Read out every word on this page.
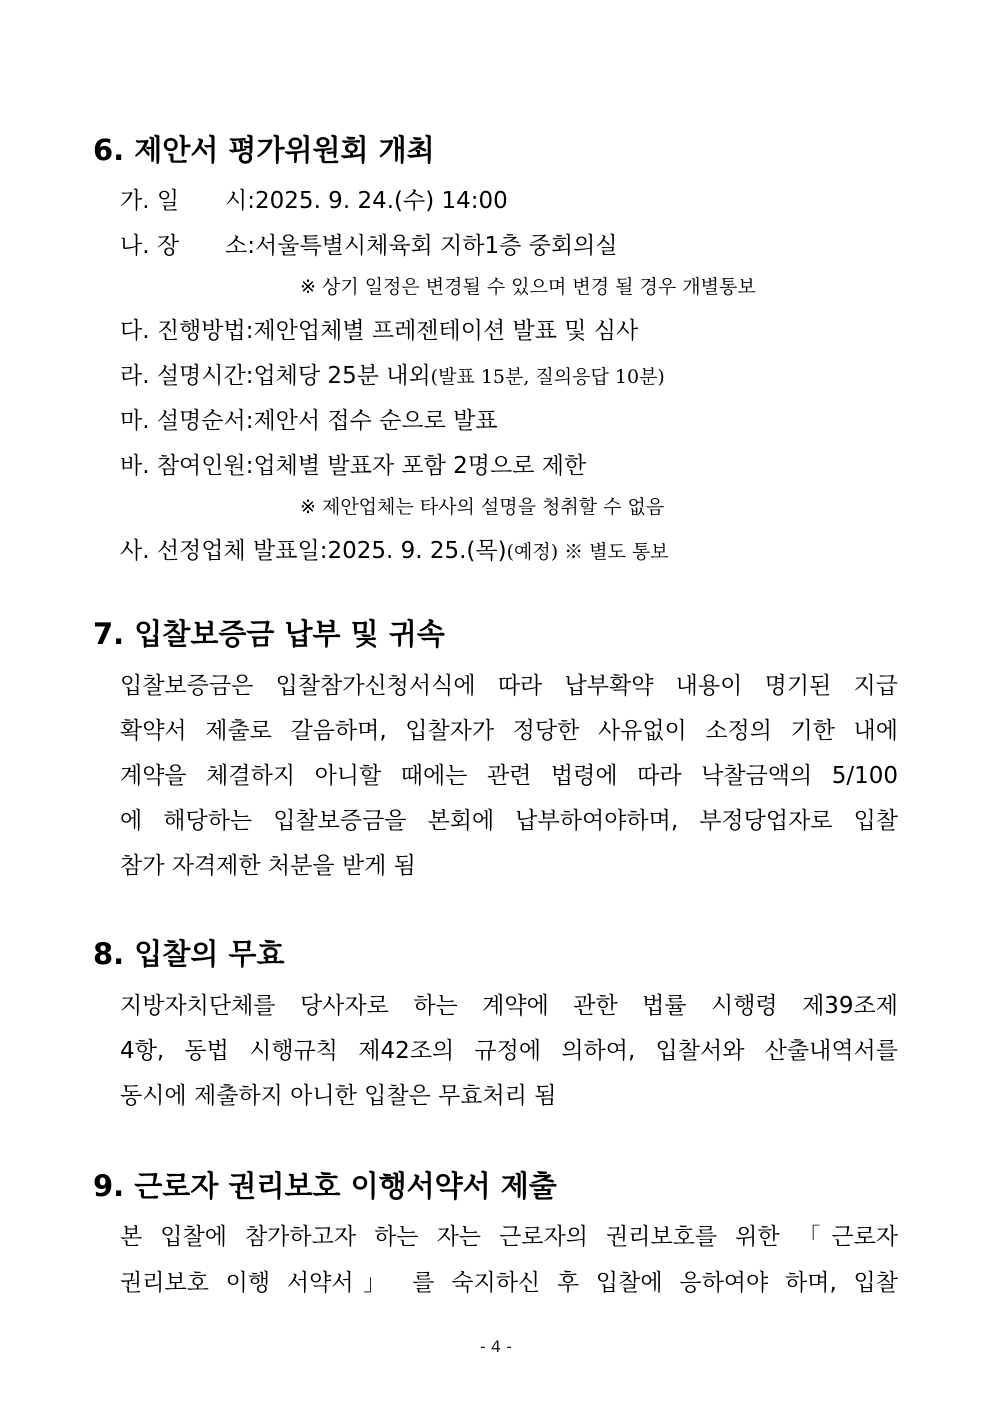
6. 제안서 평가위원회 개최
가. 일　　시:2025. 9. 24.(수) 14:00
나. 장　　소:서울특별시체육회 지하1층 중회의실
※ 상기 일정은 변경될 수 있으며 변경 될 경우 개별통보
다. 진행방법:제안업체별 프레젠테이션 발표 및 심사
라. 설명시간:업체당 25분 내외(발표 15분, 질의응답 10분)
마. 설명순서:제안서 접수 순으로 발표
바. 참여인원:업체별 발표자 포함 2명으로 제한
※ 제안업체는 타사의 설명을 청취할 수 없음
사. 선정업체 발표일:2025. 9. 25.(목)(예정) ※ 별도 통보
7. 입찰보증금 납부 및 귀속
입찰보증금은 입찰참가신청서식에 따라 납부확약 내용이 명기된 지급
확약서 제출로 갈음하며, 입찰자가 정당한 사유없이 소정의 기한 내에
계약을 체결하지 아니할 때에는 관련 법령에 따라 낙찰금액의 5/100
에 해당하는 입찰보증금을 본회에 납부하여야하며, 부정당업자로 입찰
참가 자격제한 처분을 받게 됨
8. 입찰의 무효
지방자치단체를 당사자로 하는 계약에 관한 법률 시행령 제39조제
4항, 동법 시행규칙 제42조의 규정에 의하여, 입찰서와 산출내역서를
동시에 제출하지 아니한 입찰은 무효처리 됨
9. 근로자 권리보호 이행서약서 제출
본 입찰에 참가하고자 하는 자는 근로자의 권리보호를 위한 「근로자
권리보호 이행 서약서」 를 숙지하신 후 입찰에 응하여야 하며, 입찰
- 4 -
